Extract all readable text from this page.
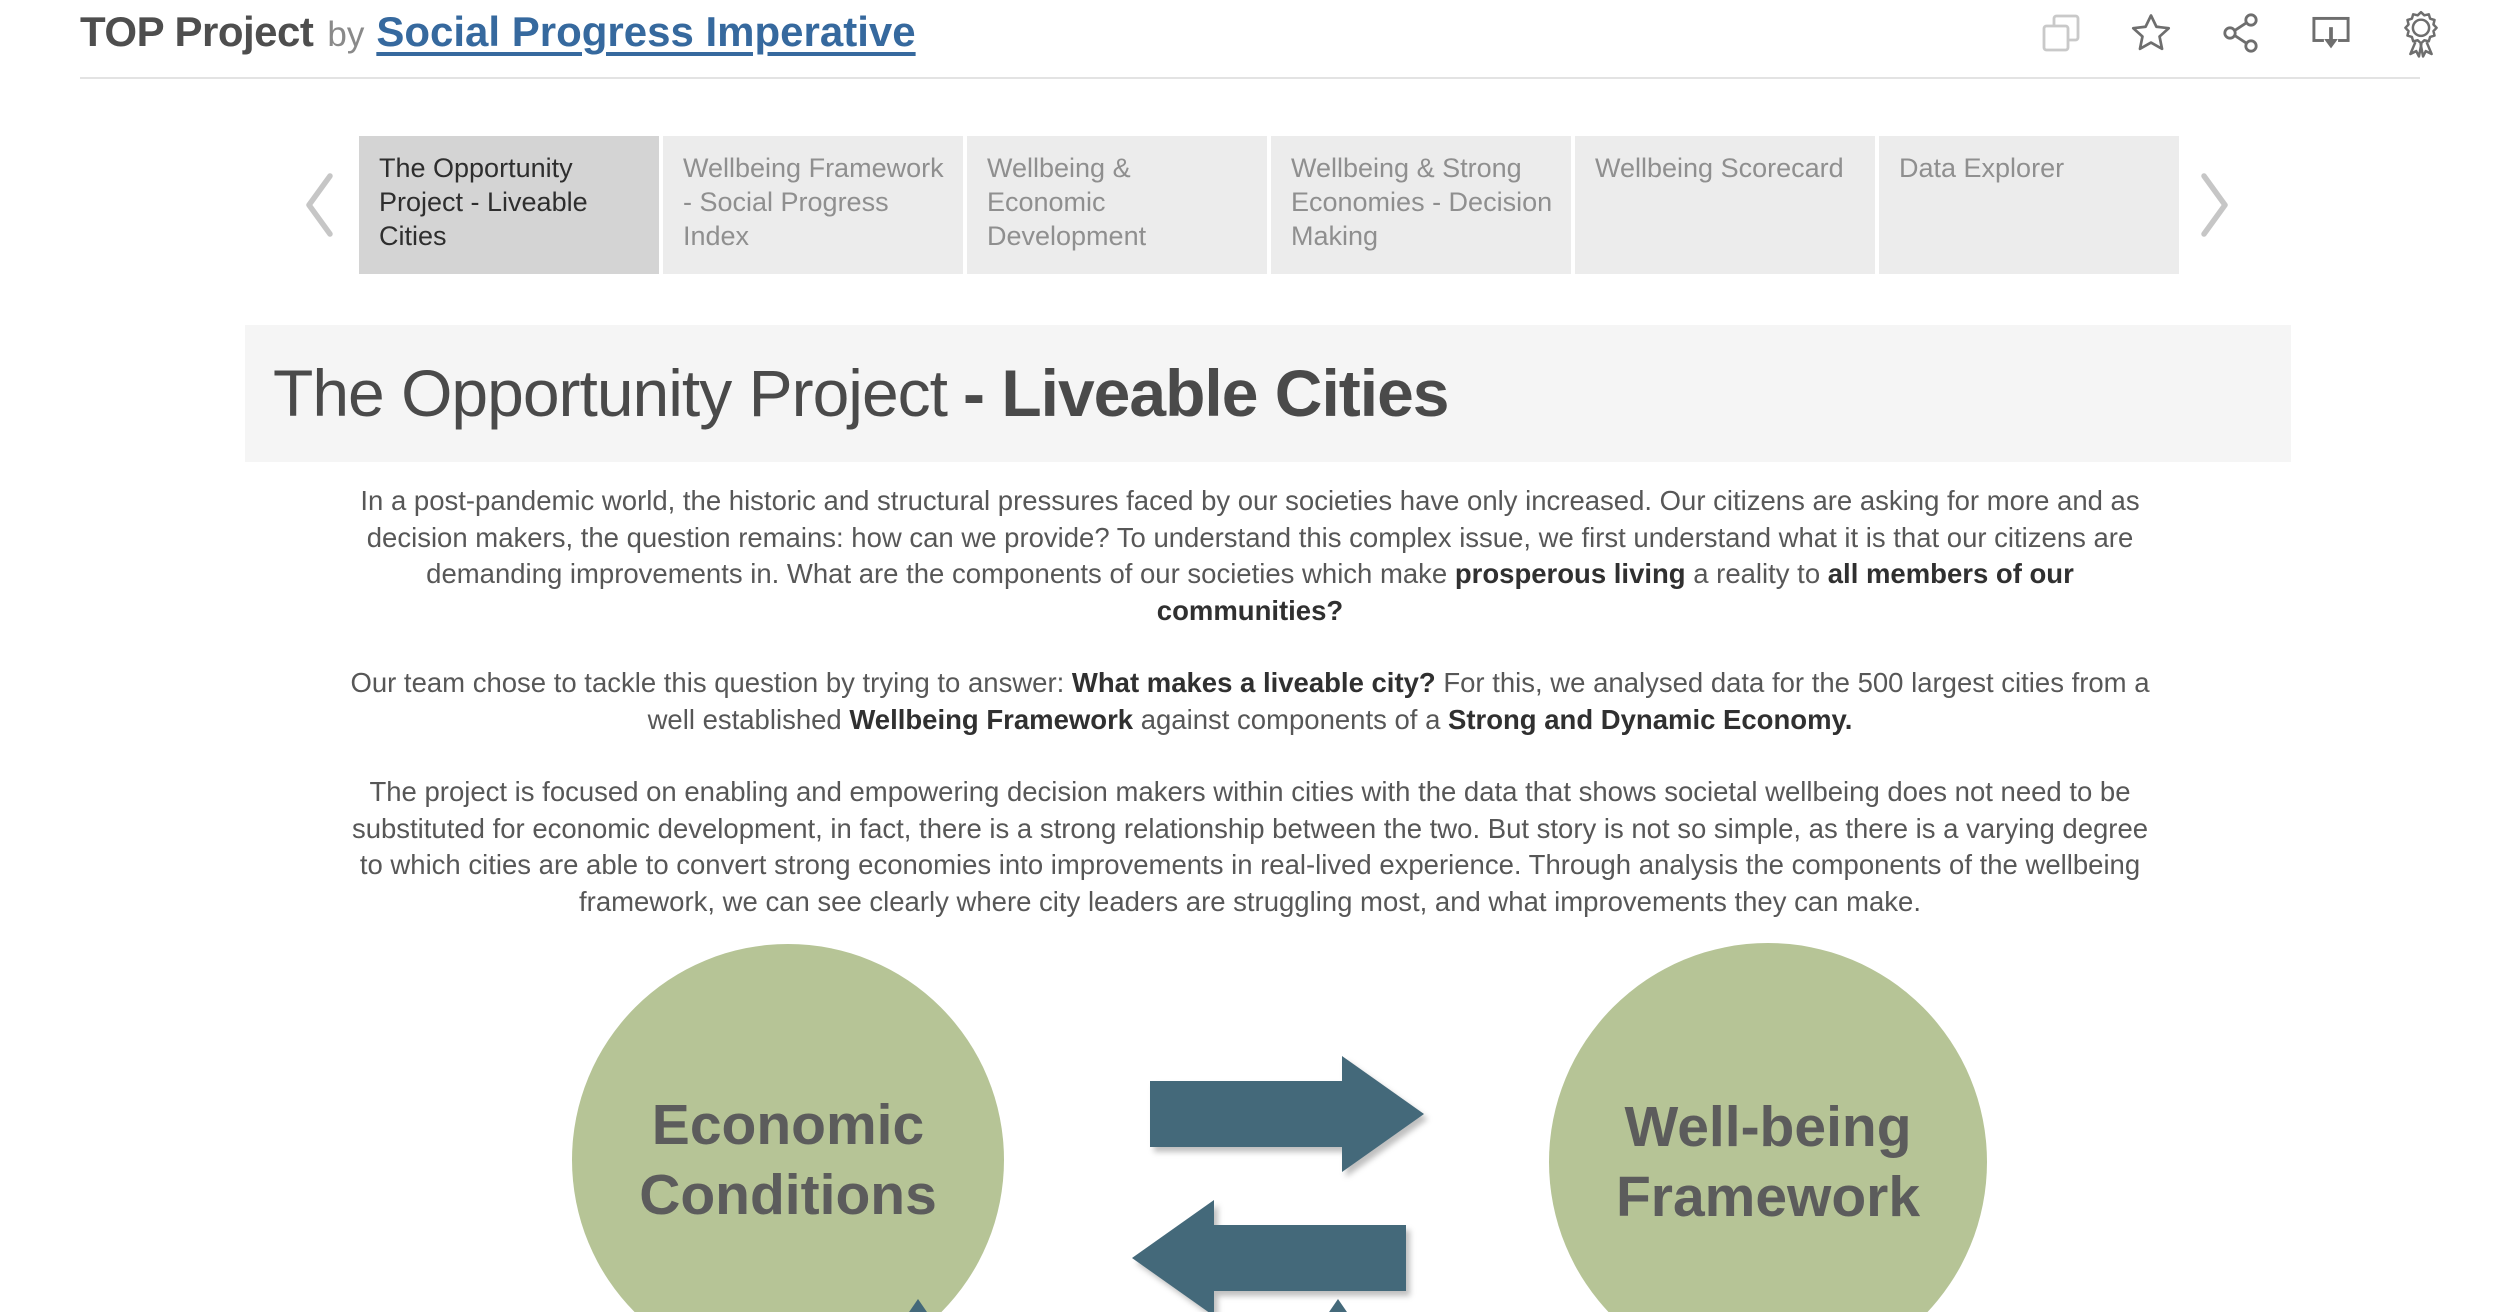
TOP Project by Social Progress Imperative
The Opportunity Project - Liveable Cities
Wellbeing Framework - Social Progress Index
Wellbeing & Economic Development
Wellbeing & Strong Economies - Decision Making
Wellbeing Scorecard	Data Explorer
The Opportunity Project - Liveable Cities

In a post-pandemic world, the historic and structural pressures faced by our societies have only increased. Our citizens are asking for more and as decision makers, the question remains: how can we provide? To understand this complex issue, we first understand what it is that our citizens are demanding improvements in. What are the components of our societies which make prosperous living a reality to all members of our communities?

Our team chose to tackle this question by trying to answer: What makes a liveable city? For this, we analysed data for the 500 largest cities from a well established Wellbeing Framework against components of a Strong and Dynamic Economy.

The project is focused on enabling and empowering decision makers within cities with the data that shows societal wellbeing does not need to be substituted for economic development, in fact, there is a strong relationship between the two. But story is not so simple, as there is a varying degree to which cities are able to convert strong economies into improvements in real-lived experience. Through analysis the components of the wellbeing framework, we can see clearly where city leaders are struggling most, and what improvements they can make.

Economic
Conditions
Well-being
Framework
